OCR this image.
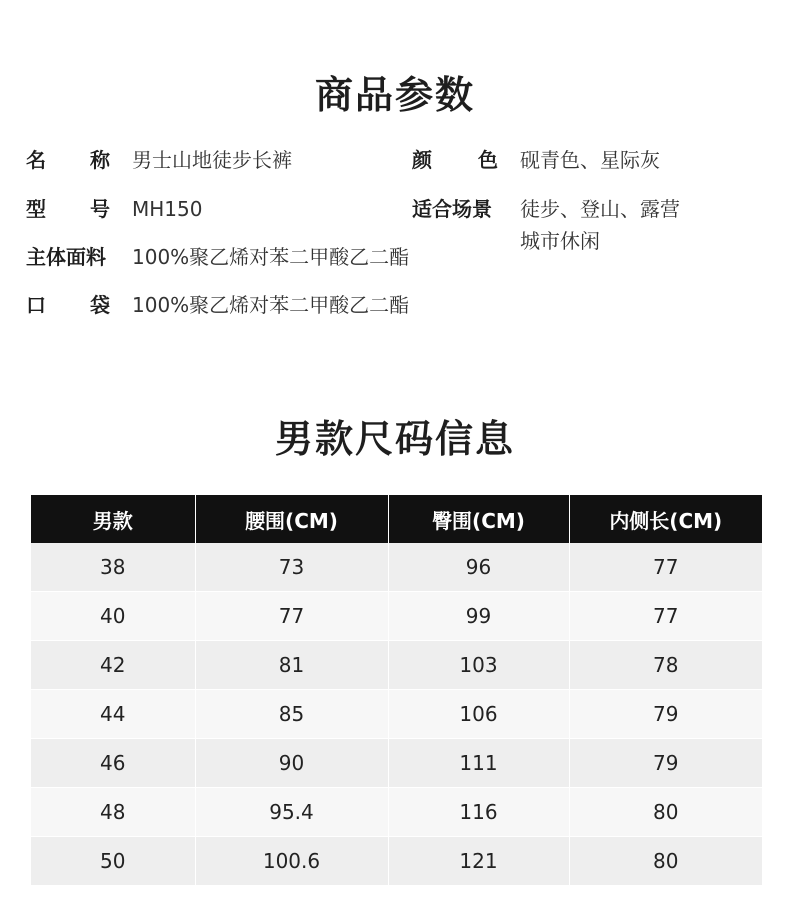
商品参数
名 称 男士山地徒步长裤
型 号 MH150
主体面料 100%聚乙烯对苯二甲酸乙二酯
口 袋 100%聚乙烯对苯二甲酸乙二酯
颜 色 砚青色、星际灰
适合场景 徒步、登山、露营
城市休闲
男款尺码信息
男款	腰围(CM)	臀围(CM)	内侧长(CM)
38	73	96	77
40	77	99	77
42	81	103	78
44	85	106	79
46	90	111	79
48	95.4	116	80
50	100.6	121	80
